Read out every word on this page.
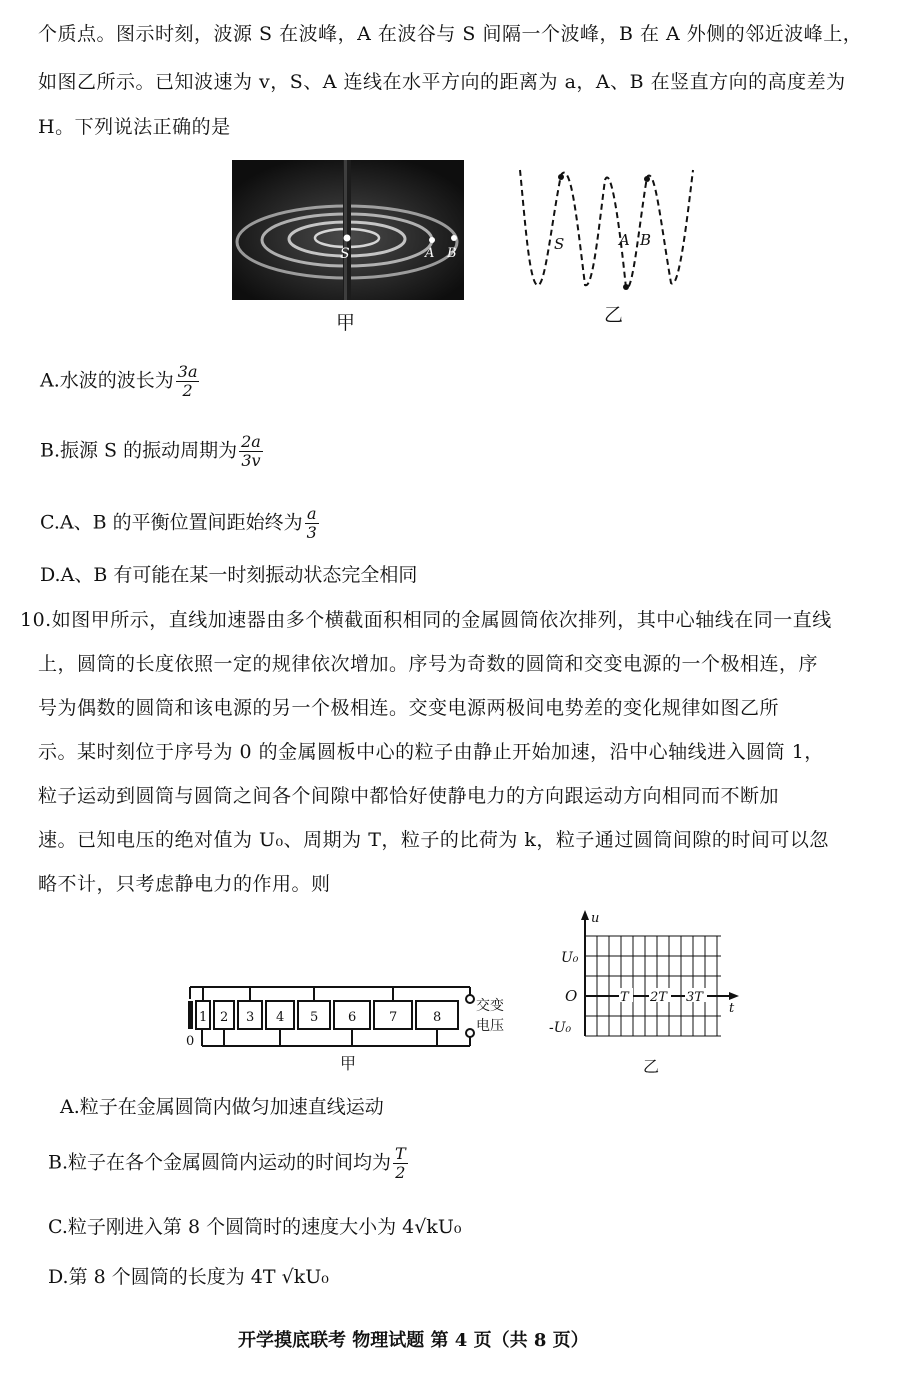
个质点。图示时刻，波源 S 在波峰，A 在波谷与 S 间隔一个波峰，B 在 A 外侧的邻近波峰上，
如图乙所示。已知波速为 v，S、A 连线在水平方向的距离为 a，A、B 在竖直方向的高度差为
H。下列说法正确的是
S	A B
甲
S	A B
乙
A.水波的波长为 $\frac{3a}{2}$
B.振源 S 的振动周期为 $\frac{2a}{3v}$
C.A、B 的平衡位置间距始终为 $\frac{a}{3}$
D.A、B 有可能在某一时刻振动状态完全相同
10.如图甲所示，直线加速器由多个横截面积相同的金属圆筒依次排列，其中心轴线在同一直线
上，圆筒的长度依照一定的规律依次增加。序号为奇数的圆筒和交变电源的一个极相连，序
号为偶数的圆筒和该电源的另一个极相连。交变电源两极间电势差的变化规律如图乙所
示。某时刻位于序号为 0 的金属圆板中心的粒子由静止开始加速，沿中心轴线进入圆筒 1，
粒子运动到圆筒与圆筒之间各个间隙中都恰好使静电力的方向跟运动方向相同而不断加
速。已知电压的绝对值为 U₀、周期为 T，粒子的比荷为 k，粒子通过圆筒间隙的时间可以忽
略不计，只考虑静电力的作用。则
1 2 3 4 5 6	7	8
0
交变
电压
甲
u
t
O
U₀
-U₀
T 2T 3T
乙
A.粒子在金属圆筒内做匀加速直线运动
B.粒子在各个金属圆筒内运动的时间均为 $\frac{T}{2}$
C.粒子刚进入第 8 个圆筒时的速度大小为 4√kU₀
D.第 8 个圆筒的长度为 4T √kU₀
开学摸底联考 物理试题 第 4 页（共 8 页）
